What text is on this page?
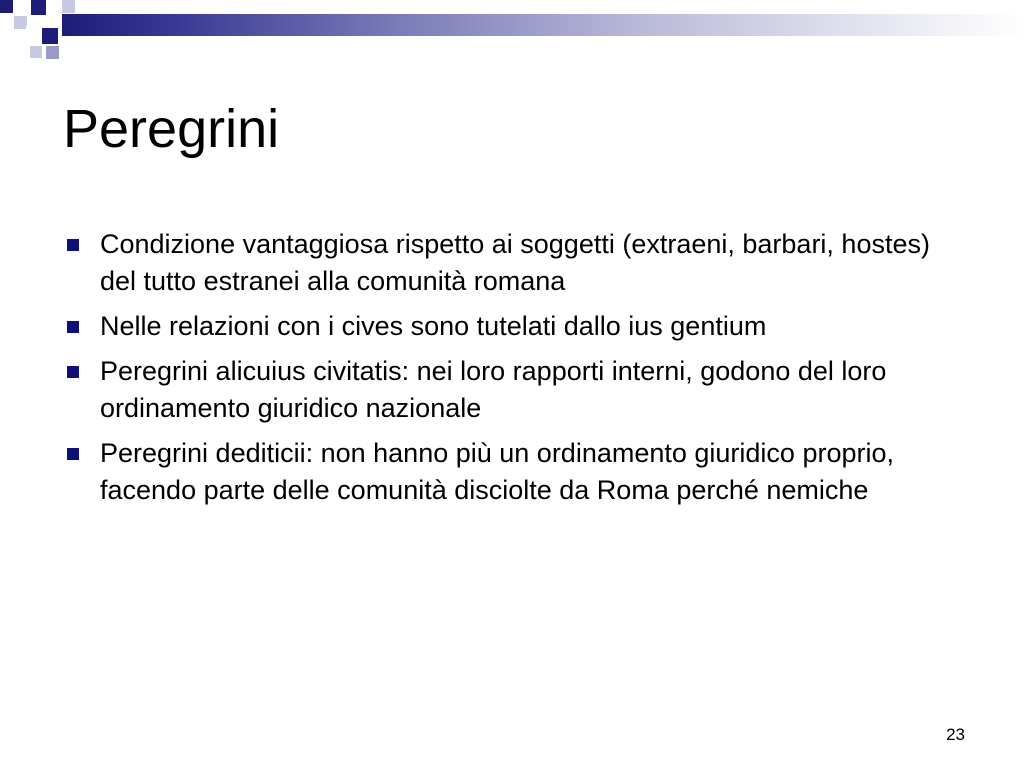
Peregrini
Condizione vantaggiosa rispetto ai soggetti (extraeni, barbari, hostes) del tutto estranei alla comunità romana
Nelle relazioni con i cives sono tutelati dallo ius gentium
Peregrini alicuius civitatis: nei loro rapporti interni, godono del loro ordinamento giuridico nazionale
Peregrini dediticii: non hanno più un ordinamento giuridico proprio, facendo parte delle comunità disciolte da Roma perché nemiche
23
